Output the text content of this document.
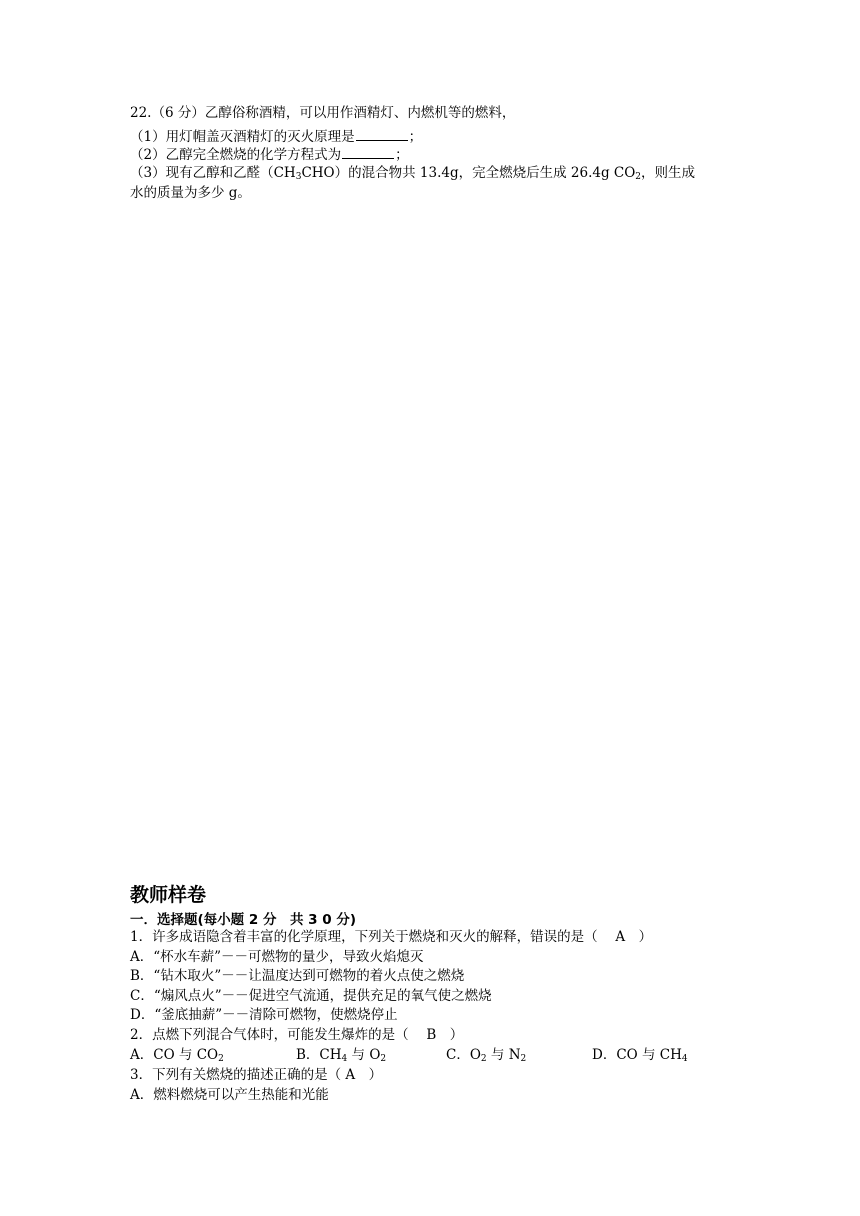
22.（6 分）乙醇俗称酒精，可以用作酒精灯、内燃机等的燃料，
（1）用灯帽盖灭酒精灯的灭火原理是	；
（2）乙醇完全燃烧的化学方程式为	；
（3）现有乙醇和乙醛$(CH_3CHO)$的混合物共 13.4g，完全燃烧后生成 26.4g $CO_2$，则生成
水的质量为多少 g。
教师样卷
一．选择题(每小题 2 分　共 3 0 分)
1．许多成语隐含着丰富的化学原理，下列关于燃烧和灭火的解释，错误的是（　 A　）
A．“杯水车薪”－－可燃物的量少，导致火焰熄灭
B．“钻木取火”－－让温度达到可燃物的着火点使之燃烧
C．“煽风点火”－－促进空气流通，提供充足的氧气使之燃烧
D．“釜底抽薪”－－清除可燃物，使燃烧停止
2．点燃下列混合气体时，可能发生爆炸的是（　 B　）
A．CO 与 $CO_2$	B．$CH_4$ 与 $O_2$	C．$O_2$ 与 $N_2$	D．CO 与 $CH_4$
3．下列有关燃烧的描述正确的是（ A　）
A．燃料燃烧可以产生热能和光能
